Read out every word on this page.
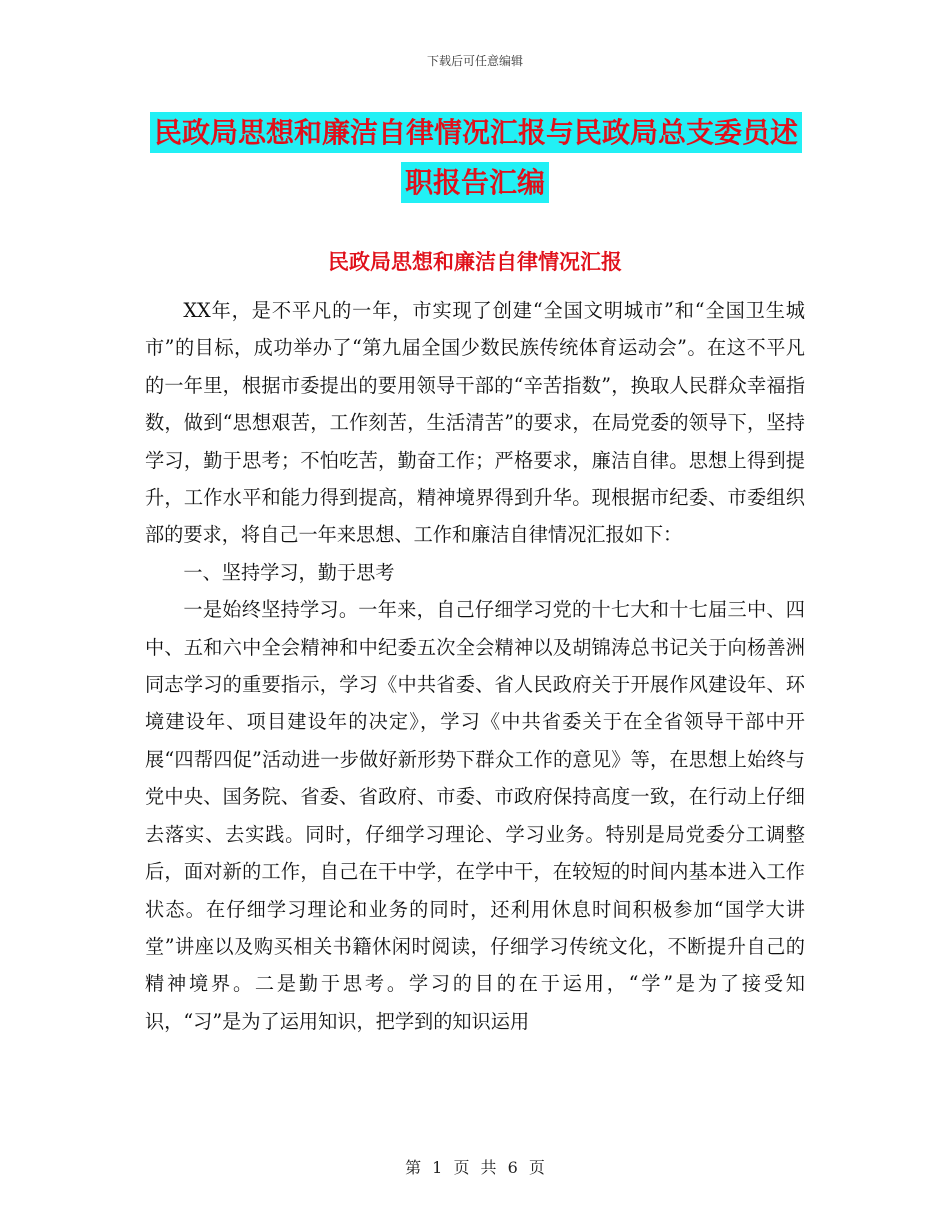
下载后可任意编辑
民政局思想和廉洁自律情况汇报与民政局总支委员述职报告汇编
民政局思想和廉洁自律情况汇报

XX年，是不平凡的一年，市实现了创建“全国文明城市”和“全国卫生城市”的目标，成功举办了“第九届全国少数民族传统体育运动会”。在这不平凡的一年里，根据市委提出的要用领导干部的“辛苦指数”，换取人民群众幸福指数，做到“思想艰苦，工作刻苦，生活清苦”的要求，在局党委的领导下，坚持学习，勤于思考；不怕吃苦，勤奋工作；严格要求，廉洁自律。思想上得到提升，工作水平和能力得到提高，精神境界得到升华。现根据市纪委、市委组织部的要求，将自己一年来思想、工作和廉洁自律情况汇报如下：

一、坚持学习，勤于思考

一是始终坚持学习。一年来，自己仔细学习党的十七大和十七届三中、四中、五和六中全会精神和中纪委五次全会精神以及胡锦涛总书记关于向杨善洲同志学习的重要指示，学习《中共省委、省人民政府关于开展作风建设年、环境建设年、项目建设年的决定》，学习《中共省委关于在全省领导干部中开展“四帮四促”活动进一步做好新形势下群众工作的意见》等，在思想上始终与党中央、国务院、省委、省政府、市委、市政府保持高度一致，在行动上仔细去落实、去实践。同时，仔细学习理论、学习业务。特别是局党委分工调整后，面对新的工作，自己在干中学，在学中干，在较短的时间内基本进入工作状态。在仔细学习理论和业务的同时，还利用休息时间积极参加“国学大讲堂”讲座以及购买相关书籍休闲时阅读，仔细学习传统文化，不断提升自己的精神境界。二是勤于思考。学习的目的在于运用，“学”是为了接受知识，“习”是为了运用知识，把学到的知识运用

第 1 页 共 6 页
